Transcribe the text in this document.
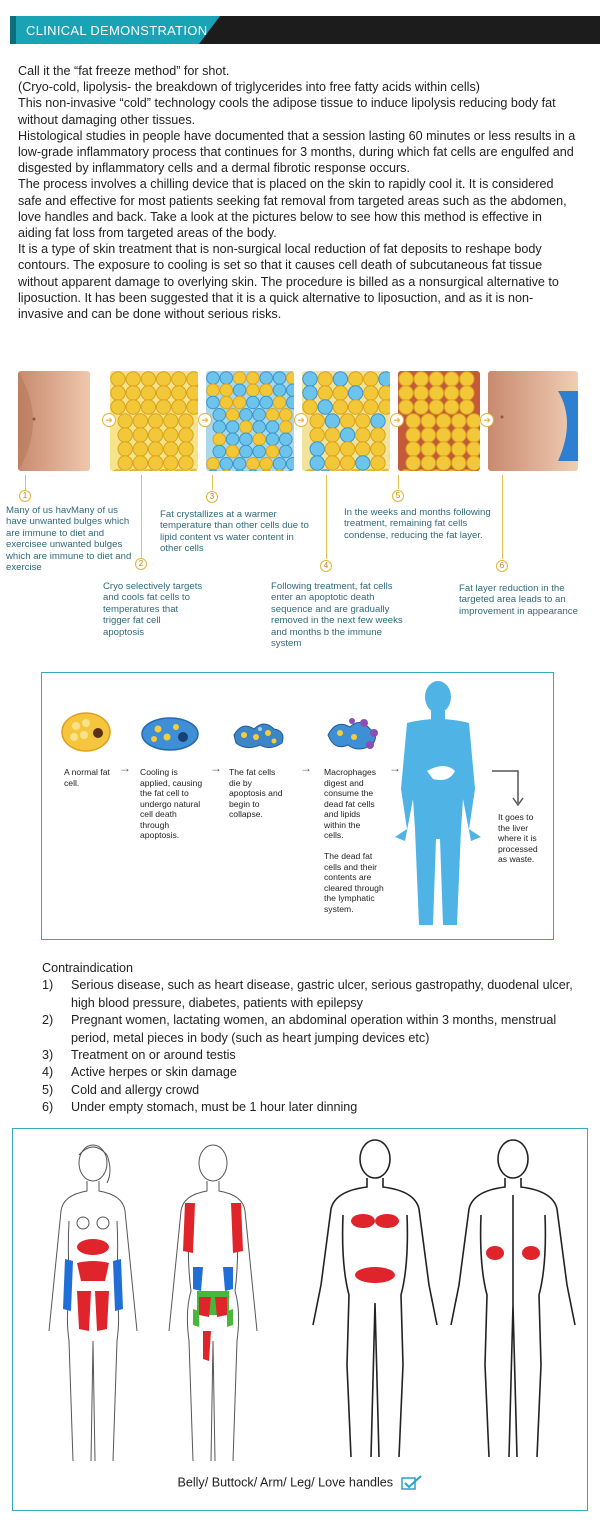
CLINICAL DEMONSTRATION

Call it the “fat freeze method” for shot.

(Cryo-cold, lipolysis- the breakdown of triglycerides into free fatty acids within cells)

This non-invasive “cold” technology cools the adipose tissue to induce lipolysis reducing body fat without damaging other tissues.

Histological studies in people have documented that a session lasting 60 minutes or less results in a low-grade inflammatory process that continues for 3 months, during which fat cells are engulfed and disgested by inflammatory cells and a dermal fibrotic response occurs.

The process involves a chilling device that is placed on the skin to rapidly cool it. It is considered safe and effective for most patients seeking fat removal from targeted areas such as the abdomen, love handles and back. Take a look at the pictures below to see how this method is effective in aiding fat loss from targeted areas of the body.

It is a type of skin treatment that is non-surgical local reduction of fat deposits to reshape body contours. The exposure to cooling is set so that it causes cell death of subcutaneous fat tissue without apparent damage to overlying skin. The procedure is billed as a nonsurgical alternative to liposuction. It has been suggested that it is a quick alternative to liposuction, and as it is non-invasive and can be done without serious risks.

➔	➔	➔	➔	➔
1
Many of us havMany of us have unwanted bulges which are immune to diet and exercisee unwanted bulges which are immune to diet and exercise	2
Cryo selectively targets and cools fat cells to temperatures that trigger fat cell apoptosis
3
Fat crystallizes at a warmer temperature than other cells due to lipid content vs water content in other cells
4
Following treatment, fat cells enter an apoptotic death sequence and are gradually removed in the next few weeks and months b the immune system
5
In the weeks and months following treatment, remaining fat cells condense, reducing the fat layer.
6
Fat layer reduction in the targeted area leads to an improvement in appearance
A normal fat cell.
→ Cooling is applied, causing the fat cell to undergo natural cell death through apoptosis.
→ The fat cells die by apoptosis and begin to collapse.
→ Macrophages digest and consume the dead fat cells and lipids within the cells.
The dead fat cells and their contents are cleared through the lymphatic system.
→
It goes to the liver where it is processed as waste.
Contraindication
1)	Serious disease, such as heart disease, gastric ulcer, serious gastropathy, duodenal ulcer, high blood pressure, diabetes, patients with epilepsy
2)	Pregnant women, lactating women, an abdominal operation within 3 months, menstrual period, metal pieces in body (such as heart jumping devices etc)
3)	Treatment on or around testis
4)	Active herpes or skin damage
5)	Cold and allergy crowd
6)	Under empty stomach, must be 1 hour later dinning
Belly/ Buttock/ Arm/ Leg/ Love handles
